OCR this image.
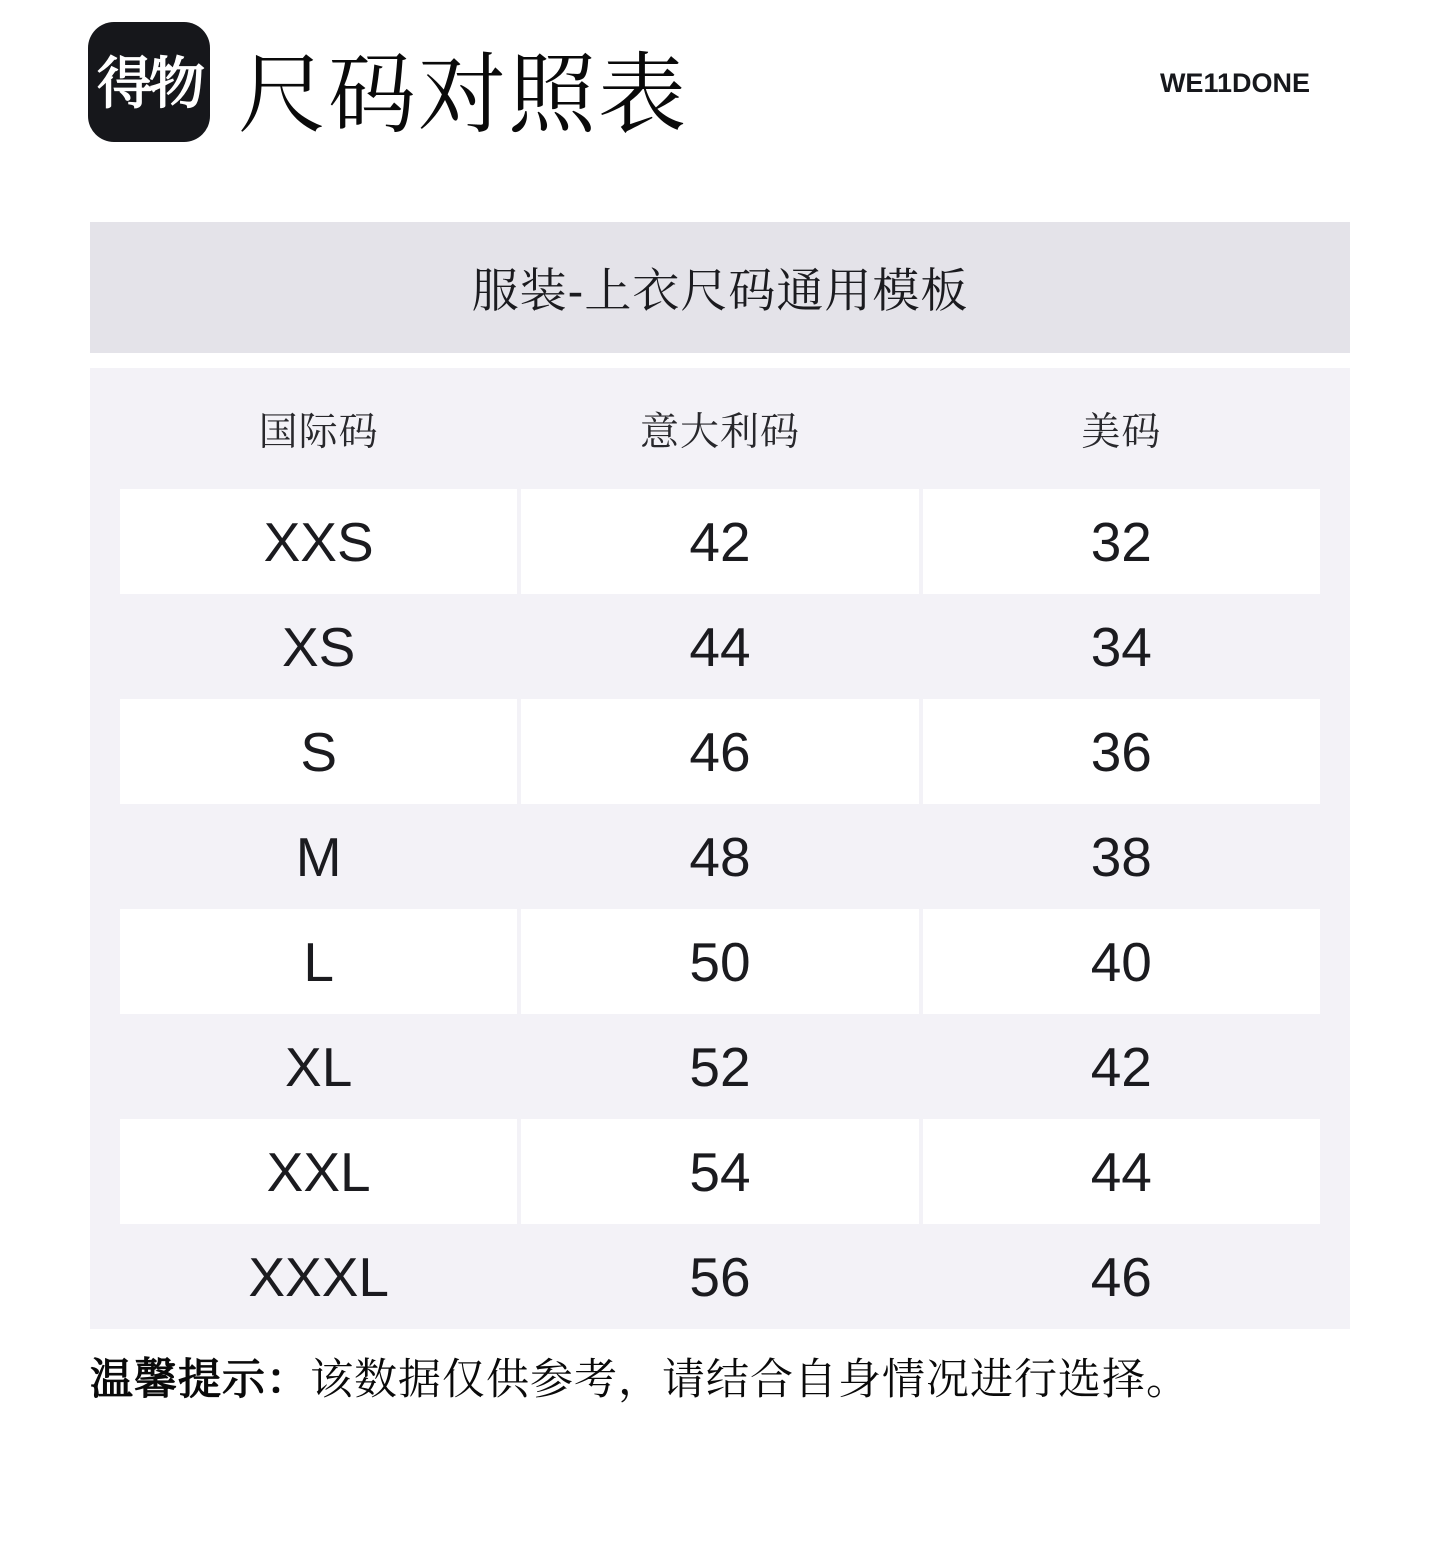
得物 尺码对照表	WE11DONE
服装-上衣尺码通用模板
国际码	意大利码	美码
XXS	42	32
XS	44	34
S	46	36
M	48	38
L	50	40
XL	52	42
XXL	54	44
XXXL	56	46

温馨提示：该数据仅供参考，请结合自身情况进行选择。
